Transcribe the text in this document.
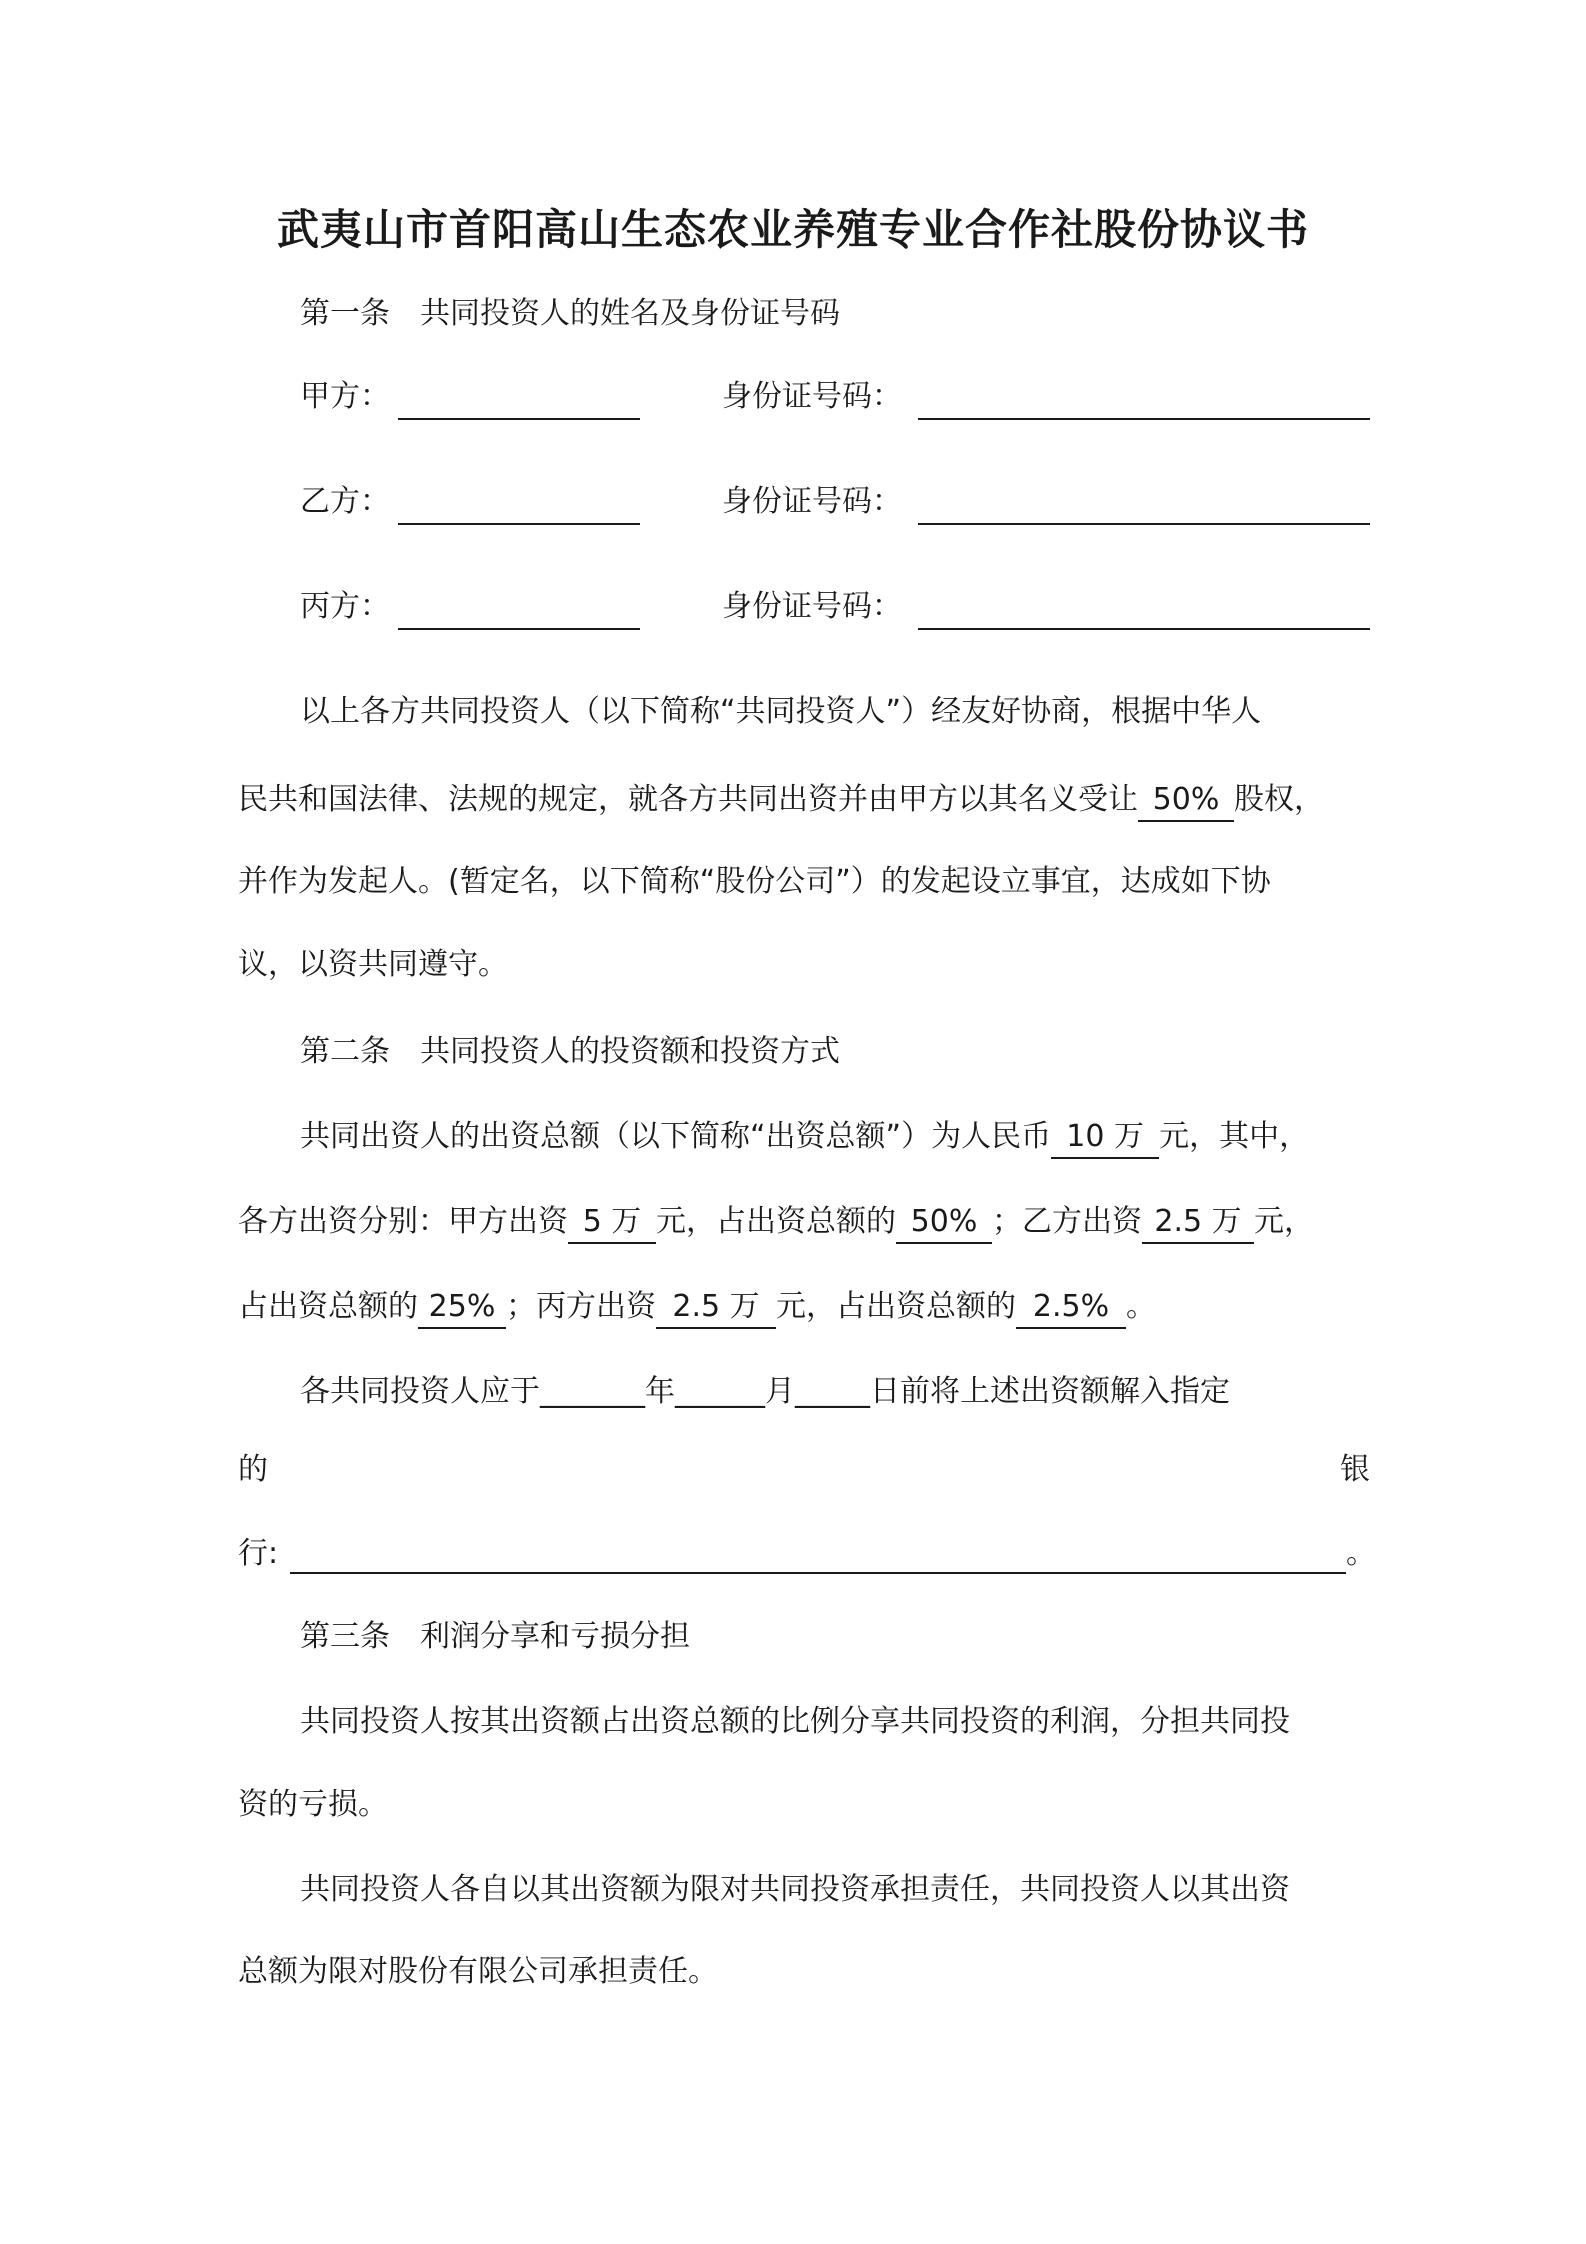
武夷山市首阳高山生态农业养殖专业合作社股份协议书
第一条　共同投资人的姓名及身份证号码
甲方：	身份证号码：
乙方：	身份证号码：
丙方：	身份证号码：
以上各方共同投资人（以下简称“共同投资人”）经友好协商，根据中华人
民共和国法律、法规的规定，就各方共同出资并由甲方以其名义受让 50% 股权，
并作为发起人。(暂定名，以下简称“股份公司”）的发起设立事宜，达成如下协
议，以资共同遵守。
第二条　共同投资人的投资额和投资方式
共同出资人的出资总额（以下简称“出资总额”）为人民币 10 万 元，其中，
各方出资分别：甲方出资 5 万 元，占出资总额的 50% ；乙方出资 2.5 万 元，
占出资总额的 25% ；丙方出资 2.5 万 元，占出资总额的 2.5% 。
各共同投资人应于_______年______月_____日前将上述出资额解入指定
的	银
行:	。
第三条　利润分享和亏损分担
共同投资人按其出资额占出资总额的比例分享共同投资的利润，分担共同投
资的亏损。
共同投资人各自以其出资额为限对共同投资承担责任，共同投资人以其出资
总额为限对股份有限公司承担责任。
